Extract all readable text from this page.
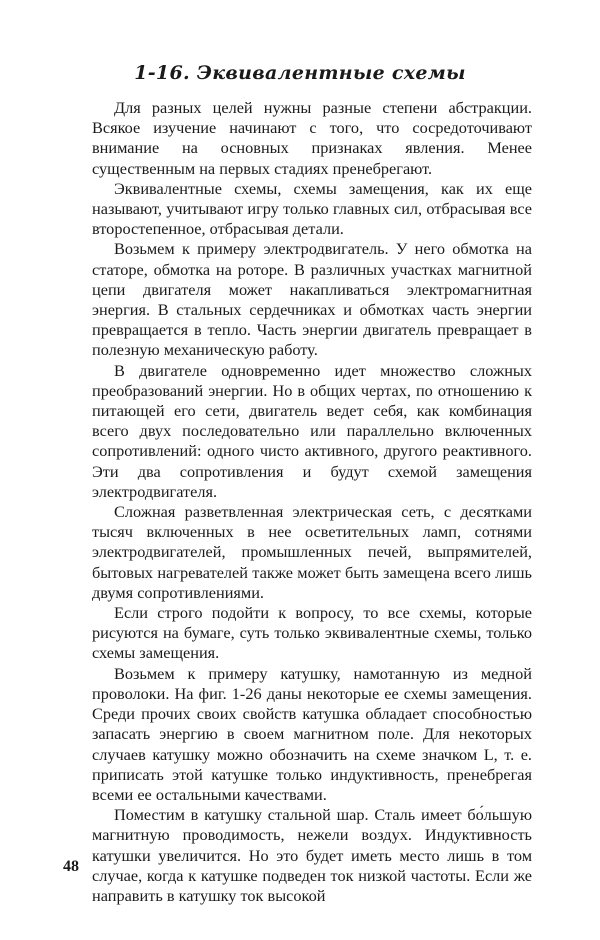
1-16. Эквивалентные схемы

Для разных целей нужны разные степени абстракции. Всякое изучение начинают с того, что сосредоточивают внимание на основных признаках явления. Менее существенным на первых стадиях пренебрегают.

Эквивалентные схемы, схемы замещения, как их еще называют, учитывают игру только главных сил, отбрасывая все второстепенное, отбрасывая детали.

Возьмем к примеру электродвигатель. У него обмотка на статоре, обмотка на роторе. В различных участках магнитной цепи двигателя может накапливаться электромагнитная энергия. В стальных сердечниках и обмотках часть энергии превращается в тепло. Часть энергии двигатель превращает в полезную механическую работу.

В двигателе одновременно идет множество сложных преобразований энергии. Но в общих чертах, по отношению к питающей его сети, двигатель ведет себя, как комбинация всего двух последовательно или параллельно включенных сопротивлений: одного чисто активного, другого реактивного. Эти два сопротивления и будут схемой замещения электродвигателя.

Сложная разветвленная электрическая сеть, с десятками тысяч включенных в нее осветительных ламп, сотнями электродвигателей, промышленных печей, выпрямителей, бытовых нагревателей также может быть замещена всего лишь двумя сопротивлениями.

Если строго подойти к вопросу, то все схемы, которые рисуются на бумаге, суть только эквивалентные схемы, только схемы замещения.

Возьмем к примеру катушку, намотанную из медной проволоки. На фиг. 1-26 даны некоторые ее схемы замещения. Среди прочих своих свойств катушка обладает способностью запасать энергию в своем магнитном поле. Для некоторых случаев катушку можно обозначить на схеме значком L, т. е. приписать этой катушке только индуктивность, пренебрегая всеми ее остальными качествами.

Поместим в катушку стальной шар. Сталь имеет бо́льшую магнитную проводимость, нежели воздух. Индуктивность катушки увеличится. Но это будет иметь место лишь в том случае, когда к катушке подведен ток низкой частоты. Если же направить в катушку ток высокой

48
